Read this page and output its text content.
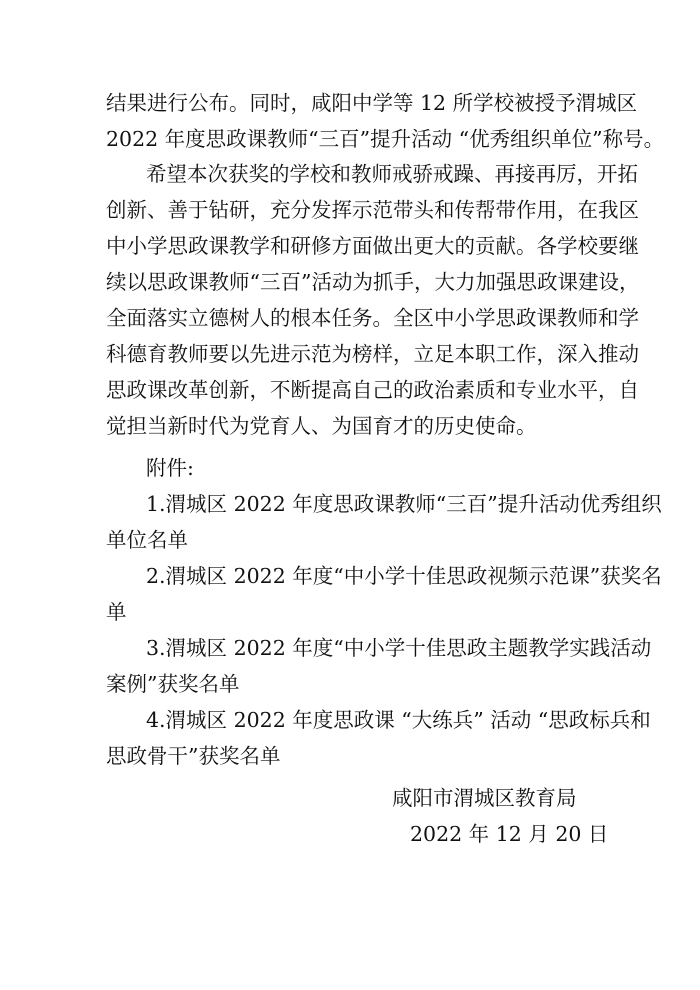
结果进行公布。同时，咸阳中学等 12 所学校被授予渭城区
2022 年度思政课教师“三百”提升活动 “优秀组织单位”称号。
希望本次获奖的学校和教师戒骄戒躁、再接再厉，开拓
创新、善于钻研，充分发挥示范带头和传帮带作用，在我区
中小学思政课教学和研修方面做出更大的贡献。各学校要继
续以思政课教师“三百”活动为抓手，大力加强思政课建设，
全面落实立德树人的根本任务。全区中小学思政课教师和学
科德育教师要以先进示范为榜样，立足本职工作，深入推动
思政课改革创新，不断提高自己的政治素质和专业水平，自
觉担当新时代为党育人、为国育才的历史使命。
附件:
1.渭城区 2022 年度思政课教师“三百”提升活动优秀组织
单位名单
2.渭城区 2022 年度“中小学十佳思政视频示范课”获奖名
单
3.渭城区 2022 年度“中小学十佳思政主题教学实践活动
案例”获奖名单
4.渭城区 2022 年度思政课 “大练兵” 活动 “思政标兵和
思政骨干”获奖名单
咸阳市渭城区教育局
2022 年 12 月 20 日
